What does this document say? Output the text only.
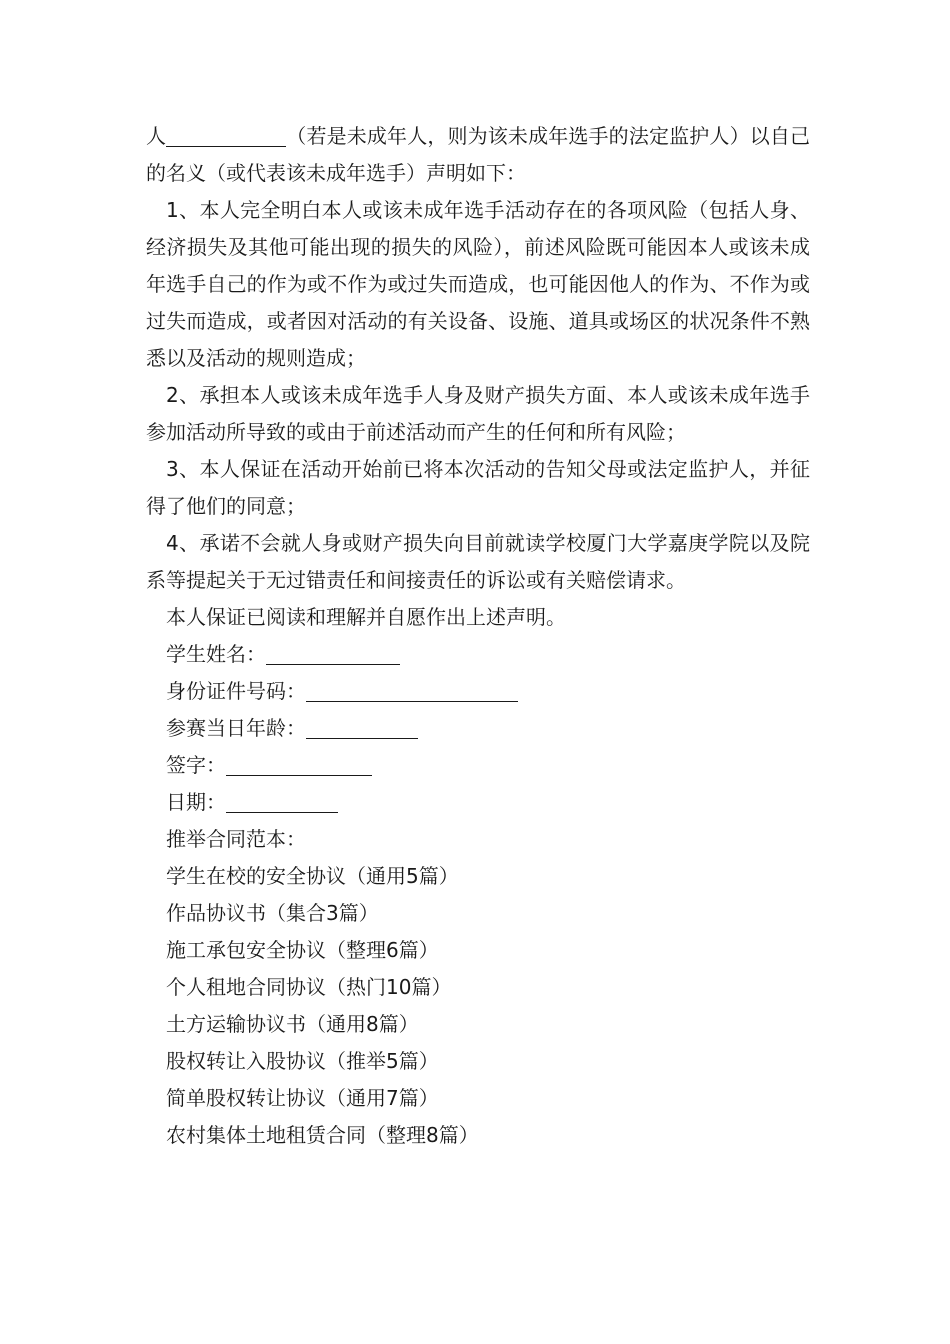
人	（若是未成年人，则为该未成年选手的法定监护人）以自己的名义（或代表该未成年选手）声明如下：

1、本人完全明白本人或该未成年选手活动存在的各项风险（包括人身、经济损失及其他可能出现的损失的风险），前述风险既可能因本人或该未成年选手自己的作为或不作为或过失而造成，也可能因他人的作为、不作为或过失而造成，或者因对活动的有关设备、设施、道具或场区的状况条件不熟悉以及活动的规则造成；

2、承担本人或该未成年选手人身及财产损失方面、本人或该未成年选手参加活动所导致的或由于前述活动而产生的任何和所有风险；

3、本人保证在活动开始前已将本次活动的告知父母或法定监护人，并征得了他们的同意；

4、承诺不会就人身或财产损失向目前就读学校厦门大学嘉庚学院以及院系等提起关于无过错责任和间接责任的诉讼或有关赔偿请求。

本人保证已阅读和理解并自愿作出上述声明。

学生姓名：

身份证件号码：

参赛当日年龄：

签字：

日期：

推举合同范本：

学生在校的安全协议（通用5篇）

作品协议书（集合3篇）

施工承包安全协议（整理6篇）

个人租地合同协议（热门10篇）

土方运输协议书（通用8篇）

股权转让入股协议（推举5篇）

简单股权转让协议（通用7篇）

农村集体土地租赁合同（整理8篇）
